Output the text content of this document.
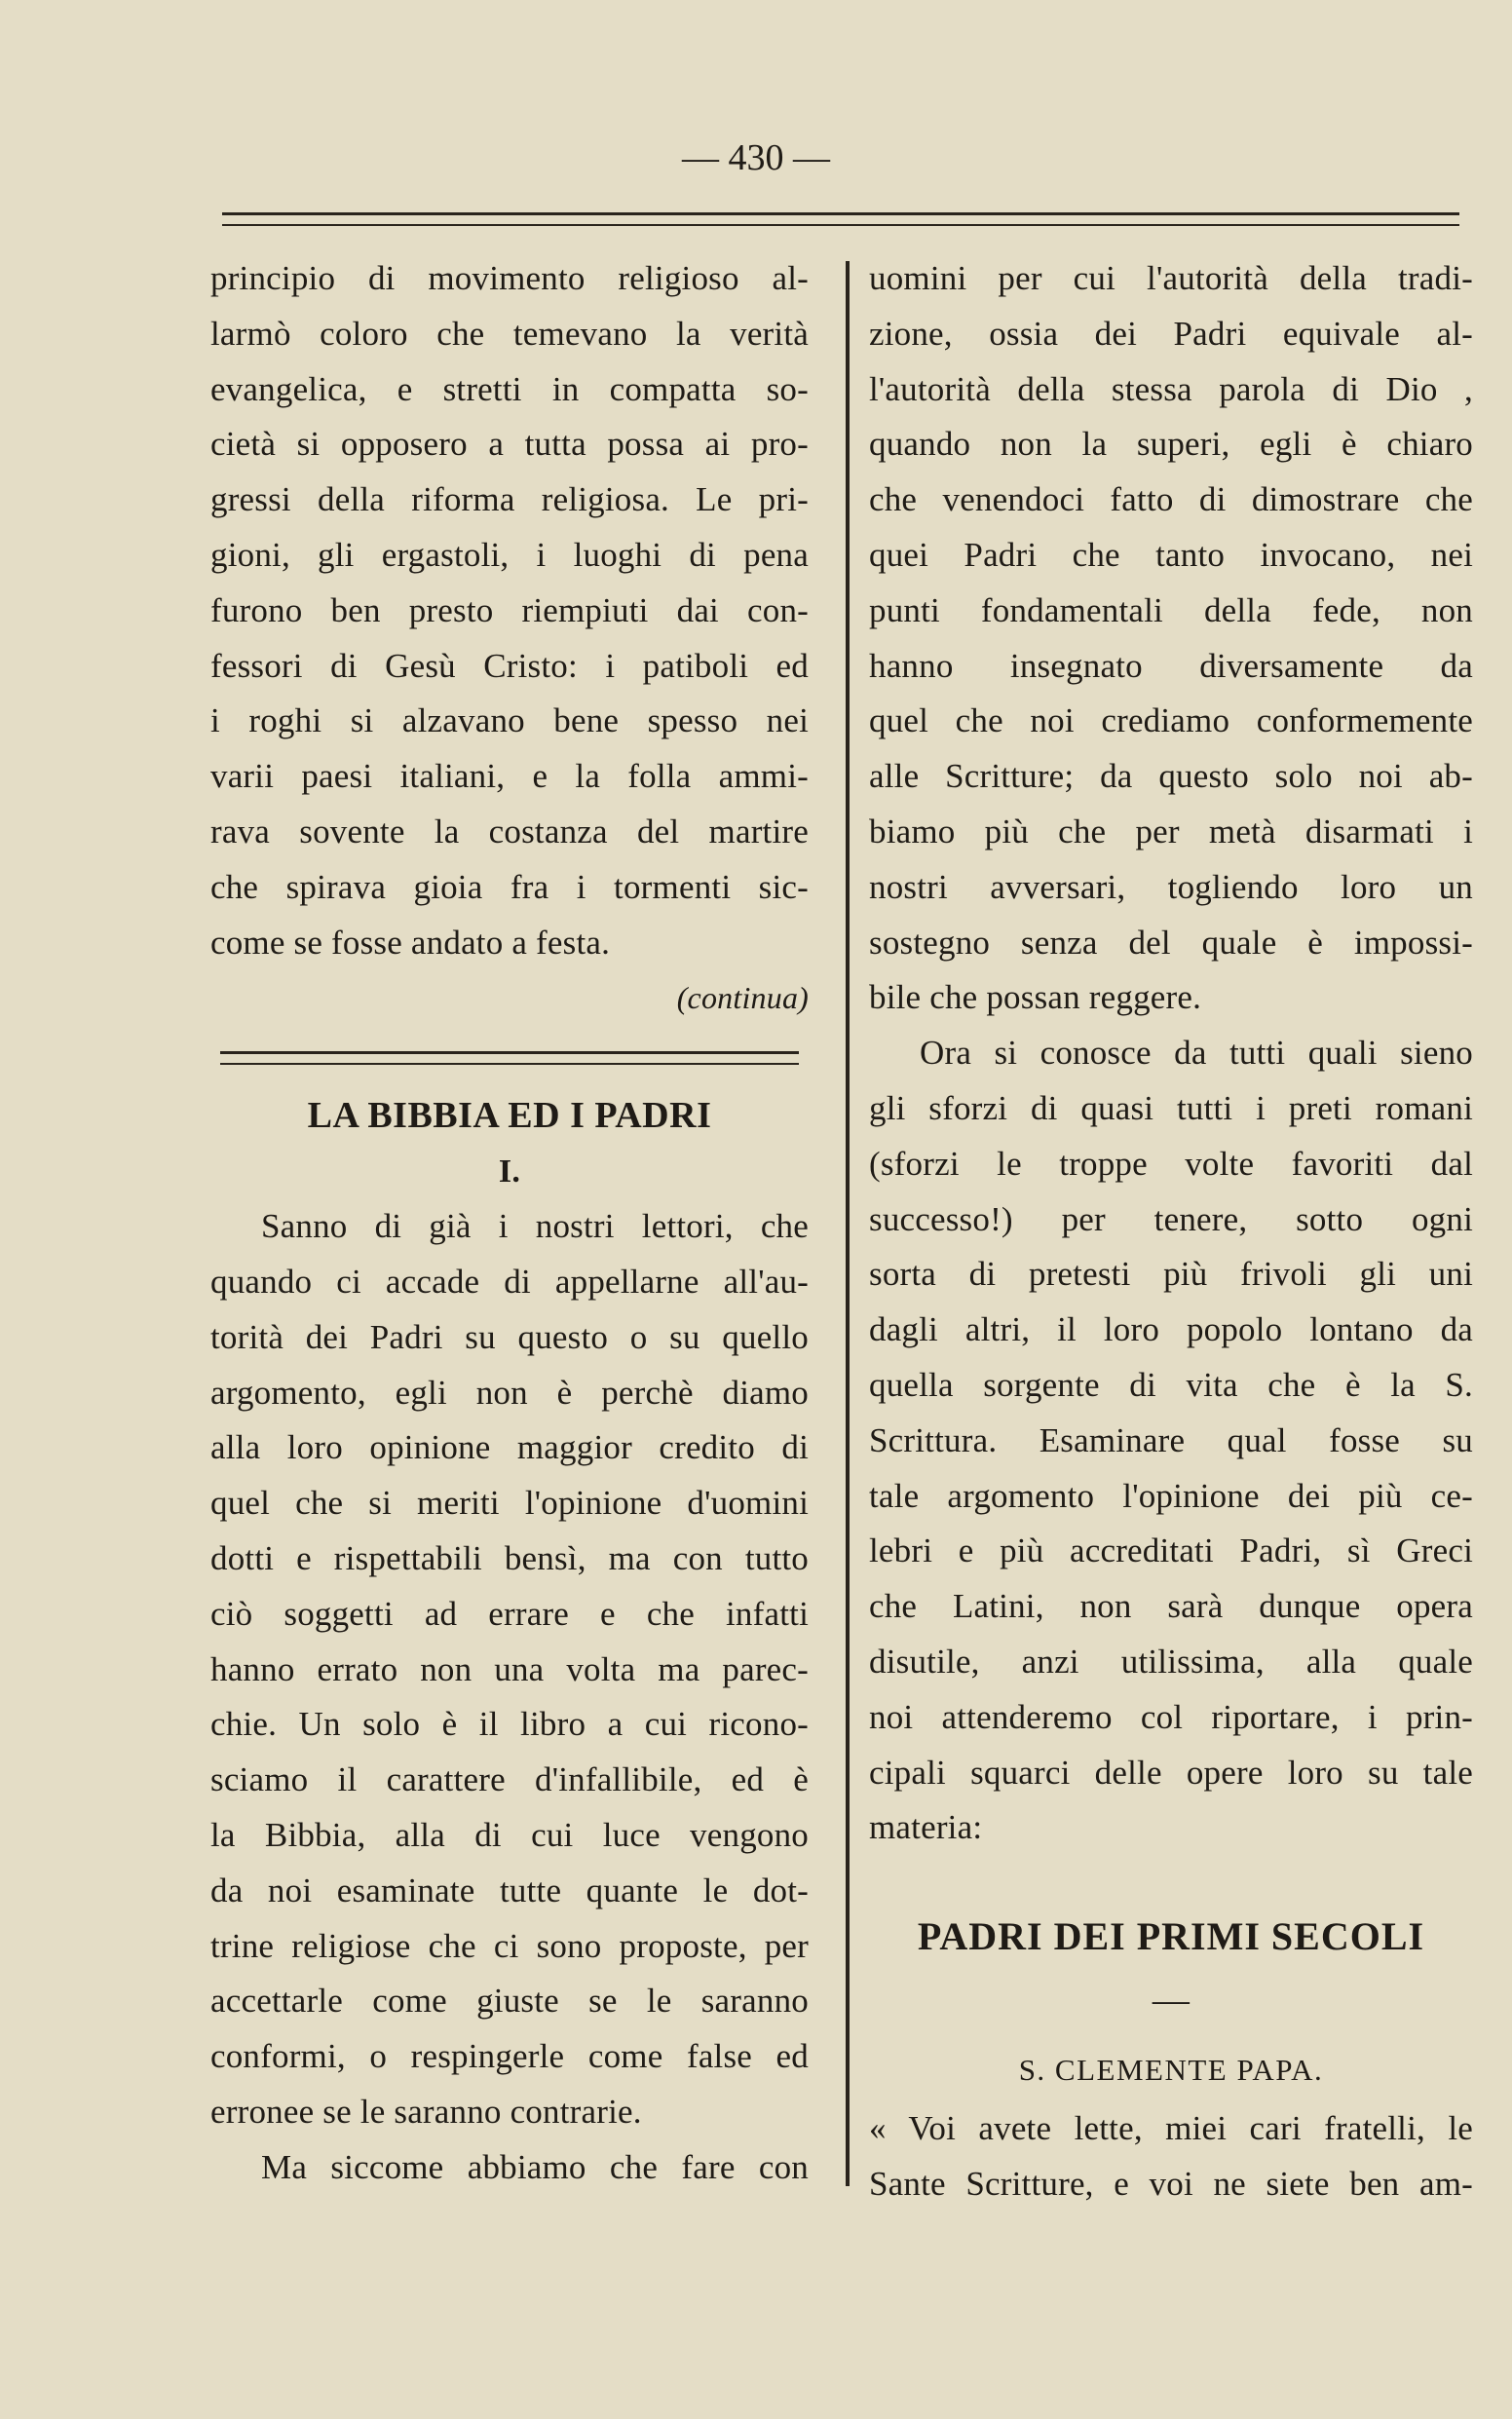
— 430 —
principio di movimento religioso al-
larmò coloro che temevano la verità
evangelica, e stretti in compatta so-
cietà si opposero a tutta possa ai pro-
gressi della riforma religiosa. Le pri-
gioni, gli ergastoli, i luoghi di pena
furono ben presto riempiuti dai con-
fessori di Gesù Cristo: i patiboli ed
i roghi si alzavano bene spesso nei
varii paesi italiani, e la folla ammi-
rava sovente la costanza del martire
che spirava gioia fra i tormenti sic-
come se fosse andato a festa.
(continua)
LA BIBBIA ED I PADRI
I.
Sanno di già i nostri lettori, che
quando ci accade di appellarne all'au-
torità dei Padri su questo o su quello
argomento, egli non è perchè diamo
alla loro opinione maggior credito di
quel che si meriti l'opinione d'uomini
dotti e rispettabili bensì, ma con tutto
ciò soggetti ad errare e che infatti
hanno errato non una volta ma parec-
chie. Un solo è il libro a cui ricono-
sciamo il carattere d'infallibile, ed è
la Bibbia, alla di cui luce vengono
da noi esaminate tutte quante le dot-
trine religiose che ci sono proposte, per
accettarle come giuste se le saranno
conformi, o respingerle come false ed
erronee se le saranno contrarie.
Ma siccome abbiamo che fare con
uomini per cui l'autorità della tradi-
zione, ossia dei Padri equivale al-
l'autorità della stessa parola di Dio ,
quando non la superi, egli è chiaro
che venendoci fatto di dimostrare che
quei Padri che tanto invocano, nei
punti fondamentali della fede, non
hanno insegnato diversamente da
quel che noi crediamo conformemente
alle Scritture; da questo solo noi ab-
biamo più che per metà disarmati i
nostri avversari, togliendo loro un
sostegno senza del quale è impossi-
bile che possan reggere.
Ora si conosce da tutti quali sieno
gli sforzi di quasi tutti i preti romani
(sforzi le troppe volte favoriti dal
successo!) per tenere, sotto ogni
sorta di pretesti più frivoli gli uni
dagli altri, il loro popolo lontano da
quella sorgente di vita che è la S.
Scrittura. Esaminare qual fosse su
tale argomento l'opinione dei più ce-
lebri e più accreditati Padri, sì Greci
che Latini, non sarà dunque opera
disutile, anzi utilissima, alla quale
noi attenderemo col riportare, i prin-
cipali squarci delle opere loro su tale
materia:
PADRI DEI PRIMI SECOLI
—
S. CLEMENTE PAPA.
« Voi avete lette, miei cari fratelli, le
Sante Scritture, e voi ne siete ben am-
